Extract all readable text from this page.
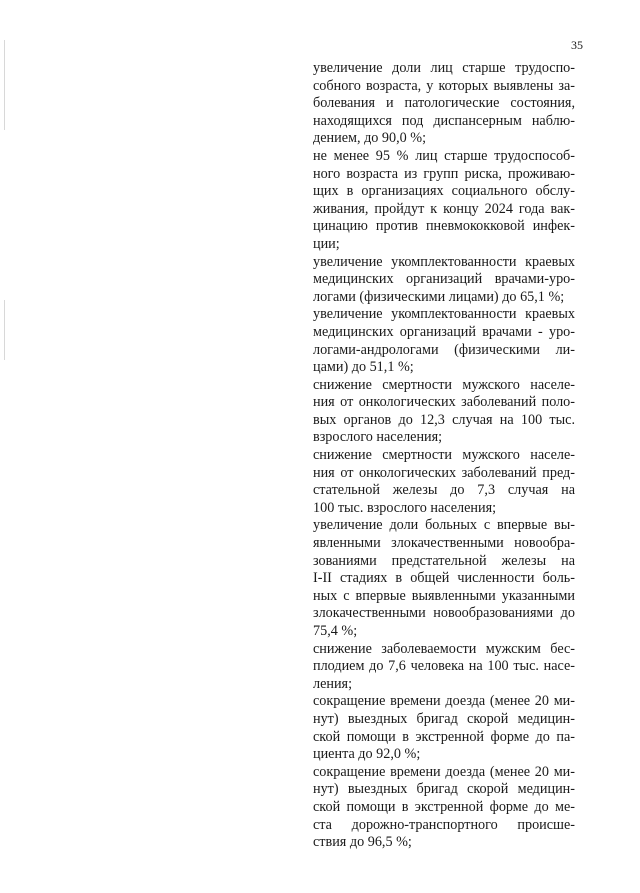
35
увеличение доли лиц старше трудоспо-
собного возраста, у которых выявлены за-
болевания и патологические состояния,
находящихся под диспансерным наблю-
дением, до 90,0 %;
не менее 95 % лиц старше трудоспособ-
ного возраста из групп риска, проживаю-
щих в организациях социального обслу-
живания, пройдут к концу 2024 года вак-
цинацию против пневмококковой инфек-
ции;
увеличение укомплектованности краевых
медицинских организаций врачами-уро-
логами (физическими лицами) до 65,1 %;
увеличение укомплектованности краевых
медицинских организаций врачами - уро-
логами-андрологами (физическими ли-
цами) до 51,1 %;
снижение смертности мужского населе-
ния от онкологических заболеваний поло-
вых органов до 12,3 случая на 100 тыс.
взрослого населения;
снижение смертности мужского населе-
ния от онкологических заболеваний пред-
стательной железы до 7,3 случая на
100 тыс. взрослого населения;
увеличение доли больных с впервые вы-
явленными злокачественными новообра-
зованиями предстательной железы на
I-II стадиях в общей численности боль-
ных с впервые выявленными указанными
злокачественными новообразованиями до
75,4 %;
снижение заболеваемости мужским бес-
плодием до 7,6 человека на 100 тыс. насе-
ления;
сокращение времени доезда (менее 20 ми-
нут) выездных бригад скорой медицин-
ской помощи в экстренной форме до па-
циента до 92,0 %;
сокращение времени доезда (менее 20 ми-
нут) выездных бригад скорой медицин-
ской помощи в экстренной форме до ме-
ста дорожно-транспортного происше-
ствия до 96,5 %;
